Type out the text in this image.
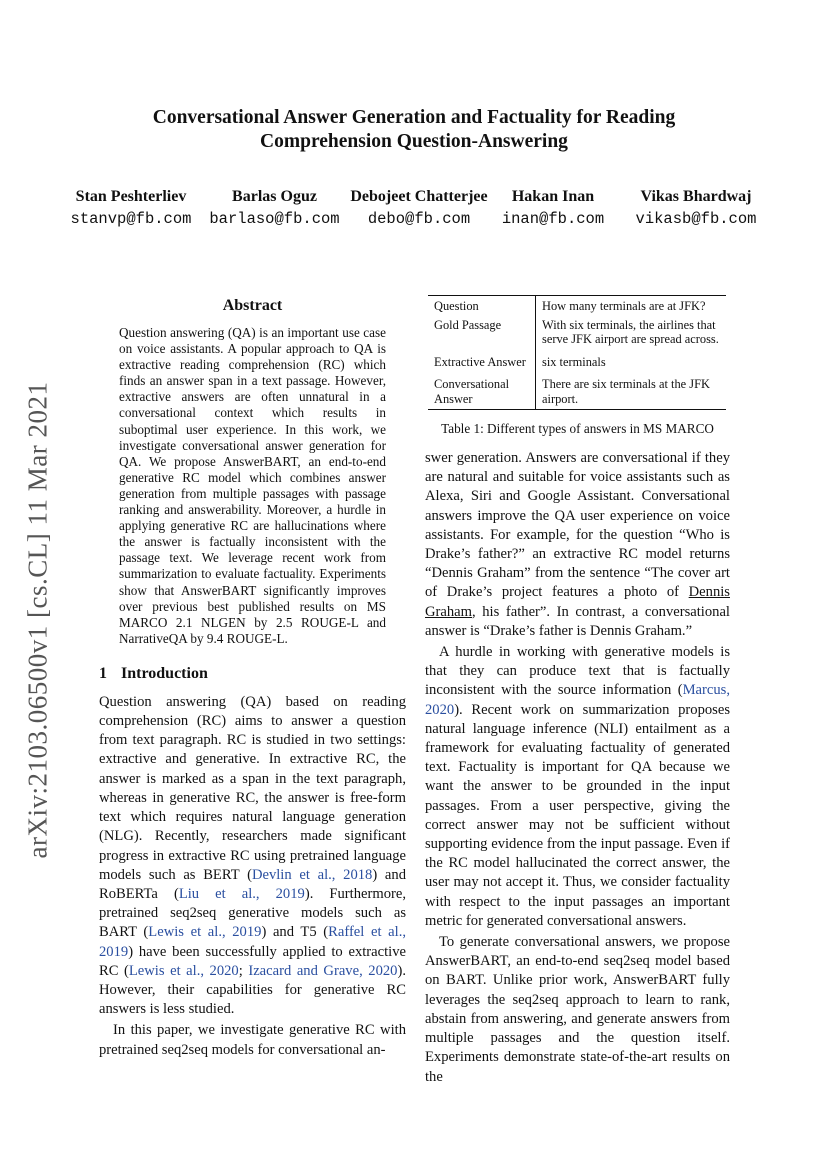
arXiv:2103.06500v1 [cs.CL] 11 Mar 2021
Conversational Answer Generation and Factuality for Reading
Comprehension Question-Answering
Stan Peshterliev
stanvp@fb.com
Barlas Oguz
barlaso@fb.com
Debojeet Chatterjee
debo@fb.com
Hakan Inan
inan@fb.com
Vikas Bhardwaj
vikasb@fb.com
Abstract
Question answering (QA) is an important use case on voice assistants. A popular approach to QA is extractive reading comprehension (RC) which finds an answer span in a text passage. However, extractive answers are often unnatural in a conversational context which results in suboptimal user experience. In this work, we investigate conversational answer generation for QA. We propose AnswerBART, an end-to-end generative RC model which combines answer generation from multiple passages with passage ranking and answerability. Moreover, a hurdle in applying generative RC are hallucinations where the answer is factually inconsistent with the passage text. We leverage recent work from summarization to evaluate factuality. Experiments show that AnswerBART significantly improves over previous best published results on MS MARCO 2.1 NLGEN by 2.5 ROUGE-L and NarrativeQA by 9.4 ROUGE-L.
1 Introduction

Question answering (QA) based on reading comprehension (RC) aims to answer a question from text paragraph. RC is studied in two settings: extractive and generative. In extractive RC, the answer is marked as a span in the text paragraph, whereas in generative RC, the answer is free-form text which requires natural language generation (NLG). Recently, researchers made significant progress in extractive RC using pretrained language models such as BERT (Devlin et al., 2018) and RoBERTa (Liu et al., 2019). Furthermore, pretrained seq2seq generative models such as BART (Lewis et al., 2019) and T5 (Raffel et al., 2019) have been successfully applied to extractive RC (Lewis et al., 2020; Izacard and Grave, 2020). However, their capabilities for generative RC answers is less studied.

In this paper, we investigate generative RC with pretrained seq2seq models for conversational an-

Question	How many terminals are at JFK?
Gold Passage	With six terminals, the airlines that serve JFK airport are spread across.
Extractive Answer	six terminals
Conversational Answer	There are six terminals at the JFK airport.
Table 1: Different types of answers in MS MARCO

swer generation. Answers are conversational if they are natural and suitable for voice assistants such as Alexa, Siri and Google Assistant. Conversational answers improve the QA user experience on voice assistants. For example, for the question “Who is Drake’s father?” an extractive RC model returns “Dennis Graham” from the sentence “The cover art of Drake’s project features a photo of Dennis Graham, his father”. In contrast, a conversational answer is “Drake’s father is Dennis Graham.”

A hurdle in working with generative models is that they can produce text that is factually inconsistent with the source information (Marcus, 2020). Recent work on summarization proposes natural language inference (NLI) entailment as a framework for evaluating factuality of generated text. Factuality is important for QA because we want the answer to be grounded in the input passages. From a user perspective, giving the correct answer may not be sufficient without supporting evidence from the input passage. Even if the RC model hallucinated the correct answer, the user may not accept it. Thus, we consider factuality with respect to the input passages an important metric for generated conversational answers.

To generate conversational answers, we propose AnswerBART, an end-to-end seq2seq model based on BART. Unlike prior work, AnswerBART fully leverages the seq2seq approach to learn to rank, abstain from answering, and generate answers from multiple passages and the question itself. Experiments demonstrate state-of-the-art results on the
